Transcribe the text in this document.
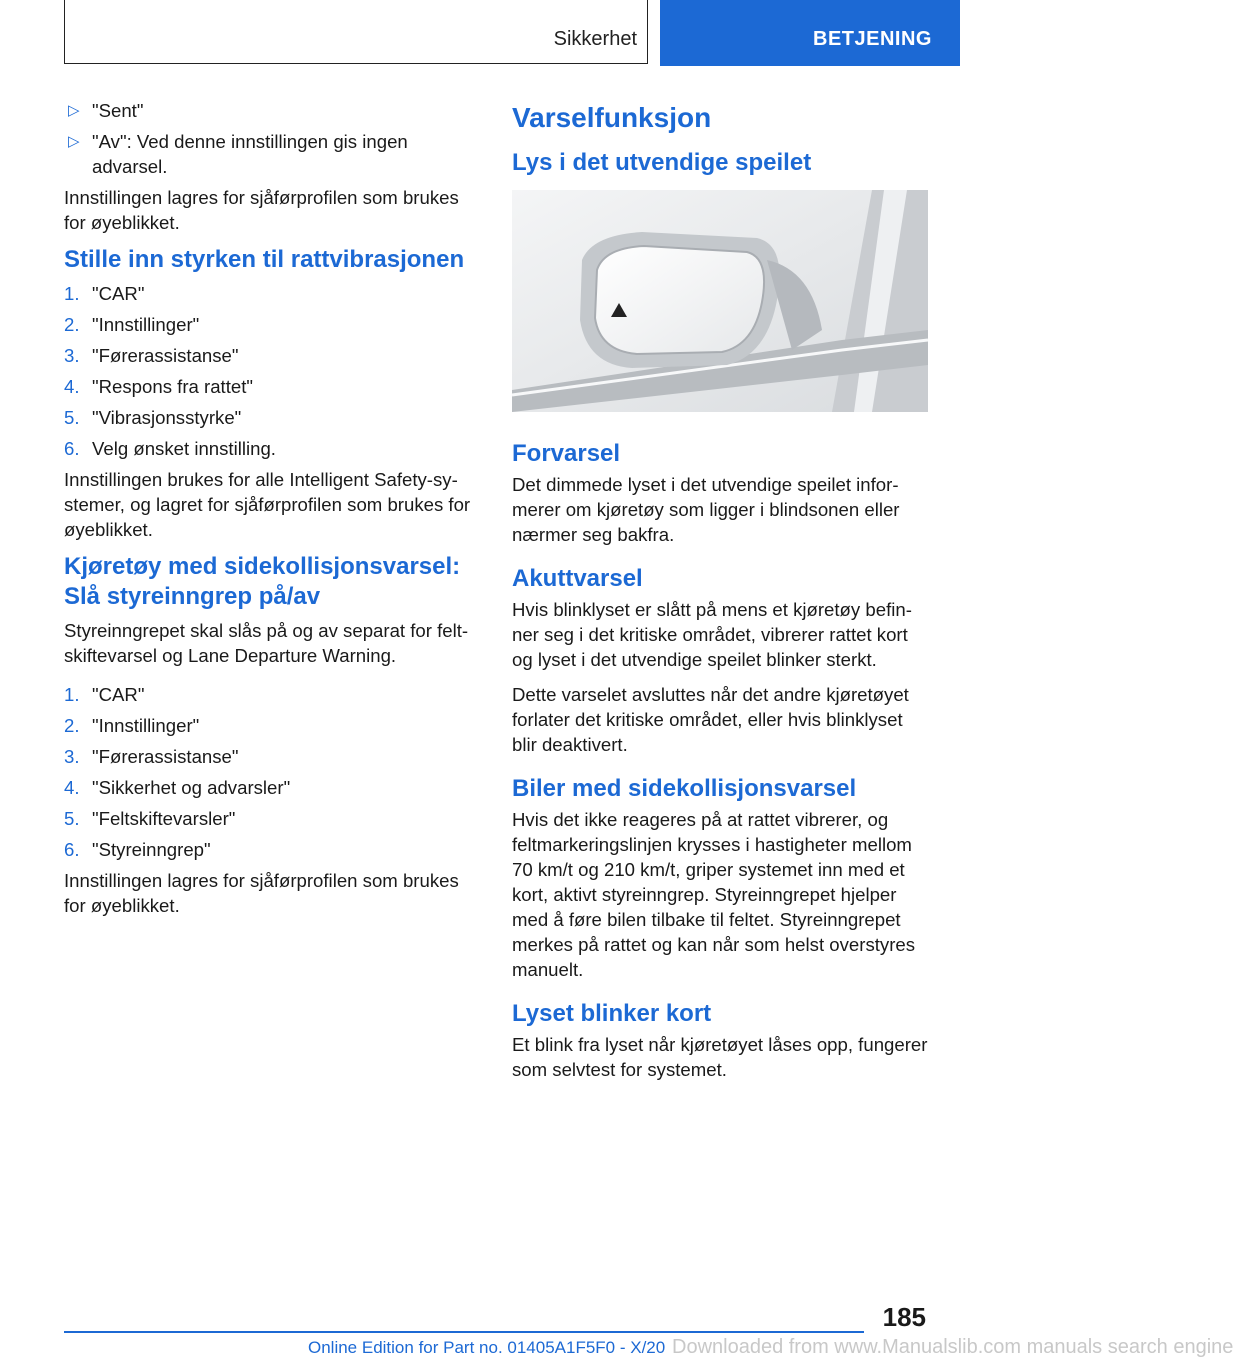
Sikkerhet	BETJENING
▷ "Sent"
▷ "Av": Ved denne innstillingen gis ingen advarsel.

Innstillingen lagres for sjåførprofilen som brukes for øyeblikket.

Stille inn styrken til rattvibrasjonen
1. "CAR"
2. "Innstillinger"
3. "Førerassistanse"
4. "Respons fra rattet"
5. "Vibrasjonsstyrke"
6. Velg ønsket innstilling.

Innstillingen brukes for alle Intelligent Safety-systemer, og lagret for sjåførprofilen som brukes for øyeblikket.

Kjøretøy med sidekollisjonsvarsel: Slå styreinngrep på/av

Styreinngrepet skal slås på og av separat for feltskiftevarsel og Lane Departure Warning.

1. "CAR"
2. "Innstillinger"
3. "Førerassistanse"
4. "Sikkerhet og advarsler"
5. "Feltskiftevarsler"
6. "Styreinngrep"

Innstillingen lagres for sjåførprofilen som brukes for øyeblikket.

Varselfunksjon
Lys i det utvendige speilet
Forvarsel

Det dimmede lyset i det utvendige speilet informerer om kjøretøy som ligger i blindsonen eller nærmer seg bakfra.

Akuttvarsel

Hvis blinklyset er slått på mens et kjøretøy befinner seg i det kritiske området, vibrerer rattet kort og lyset i det utvendige speilet blinker sterkt.

Dette varselet avsluttes når det andre kjøretøyet forlater det kritiske området, eller hvis blinklyset blir deaktivert.

Biler med sidekollisjonsvarsel

Hvis det ikke reageres på at rattet vibrerer, og feltmarkeringslinjen krysses i hastigheter mellom 70 km/t og 210 km/t, griper systemet inn med et kort, aktivt styreinngrep. Styreinngrepet hjelper med å føre bilen tilbake til feltet. Styreinngrepet merkes på rattet og kan når som helst overstyres manuelt.

Lyset blinker kort

Et blink fra lyset når kjøretøyet låses opp, fungerer som selvtest for systemet.

185
Online Edition for Part no. 01405A1F5F0 - X/20 Downloaded from www.Manualslib.com manuals search engine
